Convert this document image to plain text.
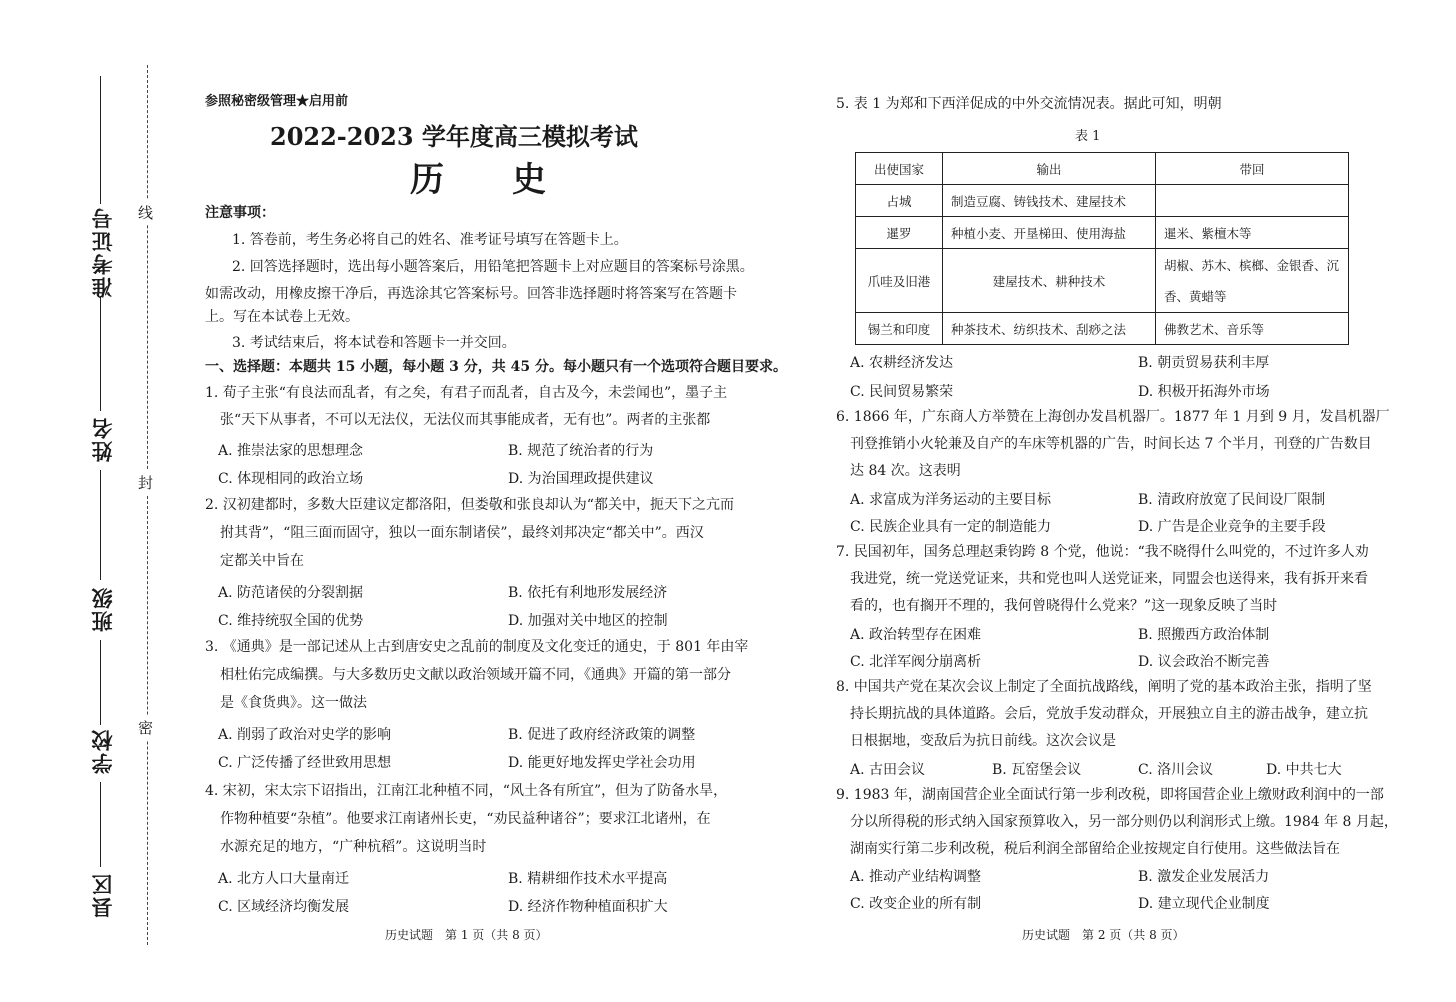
线
封
密
准考证号
姓名
班级
学校
县区
参照秘密级管理★启用前
2022-2023 学年度高三模拟考试
历　　史
注意事项：
1. 答卷前，考生务必将自己的姓名、准考证号填写在答题卡上。
2. 回答选择题时，选出每小题答案后，用铅笔把答题卡上对应题目的答案标号涂黑。
如需改动，用橡皮擦干净后，再选涂其它答案标号。回答非选择题时将答案写在答题卡
上。写在本试卷上无效。
3. 考试结束后，将本试卷和答题卡一并交回。
一、选择题：本题共 15 小题，每小题 3 分，共 45 分。每小题只有一个选项符合题目要求。
1. 荀子主张“有良法而乱者，有之矣，有君子而乱者，自古及今，未尝闻也”，墨子主
张“天下从事者，不可以无法仪，无法仪而其事能成者，无有也”。两者的主张都
A. 推崇法家的思想理念	B. 规范了统治者的行为
C. 体现相同的政治立场	D. 为治国理政提供建议
2. 汉初建都时，多数大臣建议定都洛阳，但娄敬和张良却认为“都关中，扼天下之亢而
拊其背”，“阻三面而固守，独以一面东制诸侯”，最终刘邦决定“都关中”。西汉
定都关中旨在
A. 防范诸侯的分裂割据	B. 依托有利地形发展经济
C. 维持统驭全国的优势	D. 加强对关中地区的控制
3. 《通典》是一部记述从上古到唐安史之乱前的制度及文化变迁的通史，于 801 年由宰
相杜佑完成编撰。与大多数历史文献以政治领域开篇不同，《通典》开篇的第一部分
是《食货典》。这一做法
A. 削弱了政治对史学的影响	B. 促进了政府经济政策的调整
C. 广泛传播了经世致用思想	D. 能更好地发挥史学社会功用
4. 宋初，宋太宗下诏指出，江南江北种植不同，“风土各有所宜”，但为了防备水旱，
作物种植要“杂植”。他要求江南诸州长吏，“劝民益种诸谷”；要求江北诸州，在
水源充足的地方，“广种杭稻”。这说明当时
A. 北方人口大量南迁	B. 精耕细作技术水平提高
C. 区域经济均衡发展	D. 经济作物种植面积扩大
历史试题　第 1 页（共 8 页）
5. 表 1 为郑和下西洋促成的中外交流情况表。据此可知，明朝
表 1
出使国家	输出	带回
占城	制造豆腐、铸钱技术、建屋技术	
暹罗	种植小麦、开垦梯田、使用海盐	暹米、紫檀木等
爪哇及旧港	建屋技术、耕种技术	胡椒、苏木、槟榔、金银香、沉香、黄蜡等

锡兰和印度	种茶技术、纺织技术、刮痧之法	佛教艺术、音乐等
A. 农耕经济发达	B. 朝贡贸易获利丰厚
C. 民间贸易繁荣	D. 积极开拓海外市场
6. 1866 年，广东商人方举赞在上海创办发昌机器厂。1877 年 1 月到 9 月，发昌机器厂
刊登推销小火轮兼及自产的车床等机器的广告，时间长达 7 个半月，刊登的广告数目
达 84 次。这表明
A. 求富成为洋务运动的主要目标	B. 清政府放宽了民间设厂限制
C. 民族企业具有一定的制造能力	D. 广告是企业竞争的主要手段
7. 民国初年，国务总理赵秉钧跨 8 个党，他说：“我不晓得什么叫党的，不过许多人劝
我进党，统一党送党证来，共和党也叫人送党证来，同盟会也送得来，我有拆开来看
看的，也有搁开不理的，我何曾晓得什么党来？”这一现象反映了当时
A. 政治转型存在困难	B. 照搬西方政治体制
C. 北洋军阀分崩离析	D. 议会政治不断完善
8. 中国共产党在某次会议上制定了全面抗战路线，阐明了党的基本政治主张，指明了坚
持长期抗战的具体道路。会后，党放手发动群众，开展独立自主的游击战争，建立抗
日根据地，变敌后为抗日前线。这次会议是
A. 古田会议	B. 瓦窑堡会议	C. 洛川会议	D. 中共七大
9. 1983 年，湖南国营企业全面试行第一步利改税，即将国营企业上缴财政利润中的一部
分以所得税的形式纳入国家预算收入，另一部分则仍以利润形式上缴。1984 年 8 月起，
湖南实行第二步利改税，税后利润全部留给企业按规定自行使用。这些做法旨在
A. 推动产业结构调整	B. 激发企业发展活力
C. 改变企业的所有制	D. 建立现代企业制度
历史试题　第 2 页（共 8 页）
